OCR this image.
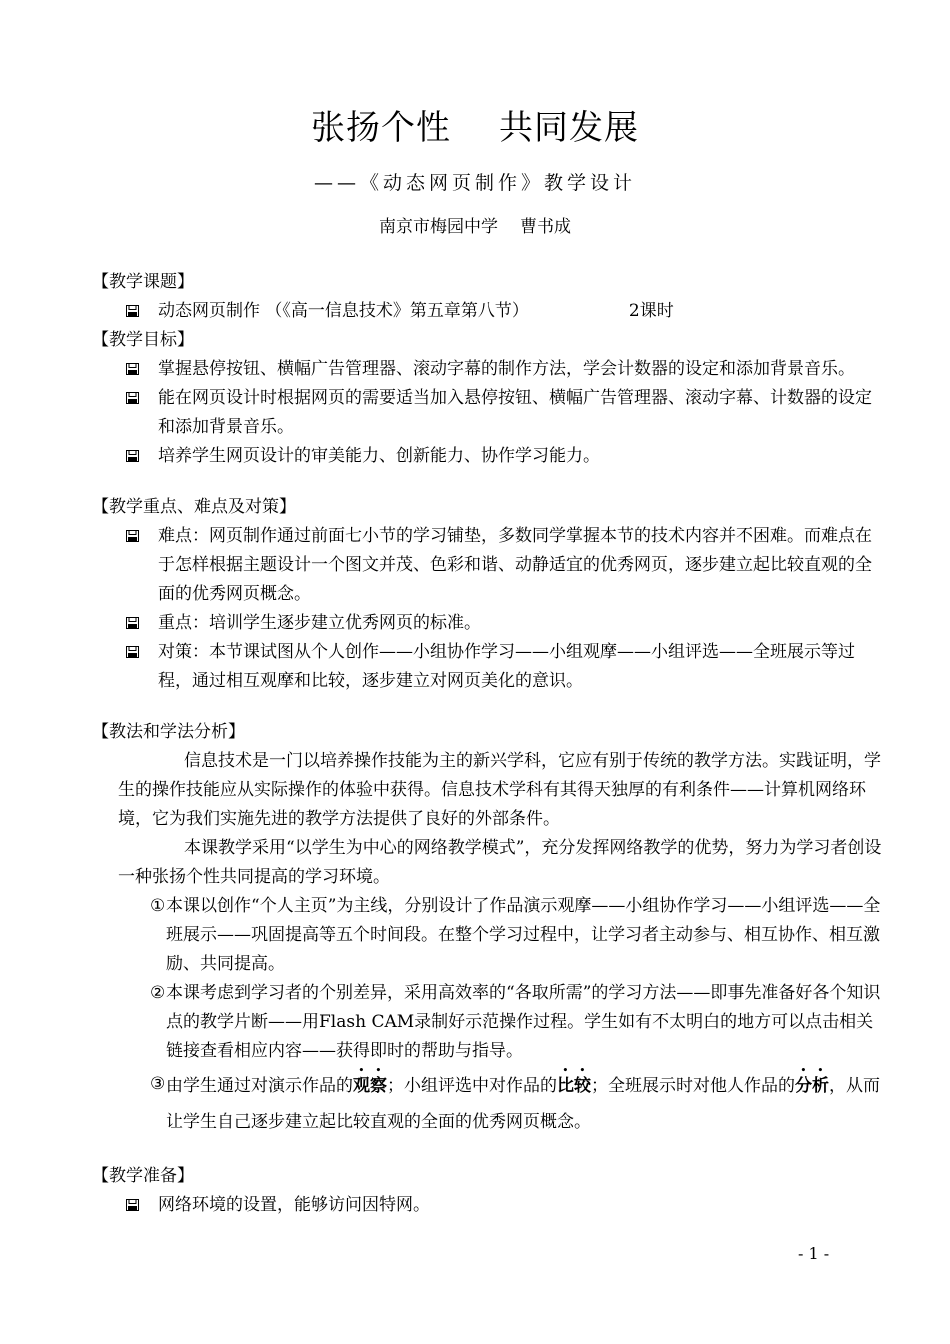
张扬个性 共同发展
——《动态网页制作》教学设计
南京市梅园中学 曹书成

【教学课题】

动态网页制作 （《高一信息技术》第五章第八节）	2课时

【教学目标】

掌握悬停按钮、横幅广告管理器、滚动字幕的制作方法，学会计数器的设定和添加背景音乐。

能在网页设计时根据网页的需要适当加入悬停按钮、横幅广告管理器、滚动字幕、计数器的设定和添加背景音乐。

培养学生网页设计的审美能力、创新能力、协作学习能力。

【教学重点、难点及对策】

难点：网页制作通过前面七小节的学习铺垫，多数同学掌握本节的技术内容并不困难。而难点在于怎样根据主题设计一个图文并茂、色彩和谐、动静适宜的优秀网页，逐步建立起比较直观的全面的优秀网页概念。

重点：培训学生逐步建立优秀网页的标准。

对策：本节课试图从个人创作——小组协作学习——小组观摩——小组评选——全班展示等过程，通过相互观摩和比较，逐步建立对网页美化的意识。

【教法和学法分析】

信息技术是一门以培养操作技能为主的新兴学科，它应有别于传统的教学方法。实践证明，学生的操作技能应从实际操作的体验中获得。信息技术学科有其得天独厚的有利条件——计算机网络环境，它为我们实施先进的教学方法提供了良好的外部条件。

本课教学采用“以学生为中心的网络教学模式”，充分发挥网络教学的优势，努力为学习者创设一种张扬个性共同提高的学习环境。

① 本课以创作“个人主页”为主线，分别设计了作品演示观摩——小组协作学习——小组评选——全班展示——巩固提高等五个时间段。在整个学习过程中，让学习者主动参与、相互协作、相互激励、共同提高。

② 本课考虑到学习者的个别差异，采用高效率的“各取所需”的学习方法——即事先准备好各个知识点的教学片断——用Flash CAM录制好示范操作过程。学生如有不太明白的地方可以点击相关链接查看相应内容——获得即时的帮助与指导。

③ 由学生通过对演示作品的观察；小组评选中对作品的比较；全班展示时对他人作品的分析，从而让学生自己逐步建立起比较直观的全面的优秀网页概念。

【教学准备】

网络环境的设置，能够访问因特网。

- 1 -
